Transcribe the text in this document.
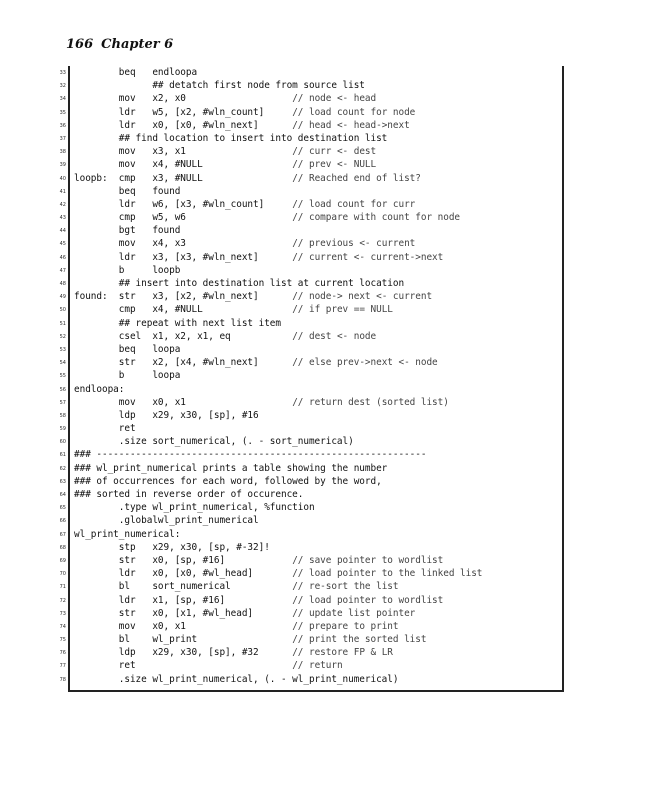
166 Chapter 6
33 beq   endloopa
32 ## detatch first node from source list
34 mov   x2, x0                   // node <- head
35 ldr   w5, [x2, #wln_count]     // load count for node
36 ldr   x0, [x0, #wln_next]      // head <- head->next
37 ## find location to insert into destination list
38 mov   x3, x1                   // curr <- dest
39 mov   x4, #NULL                // prev <- NULL
40 loopb:  cmp   x3, #NULL                // Reached end of list?
41 beq   found
42 ldr   w6, [x3, #wln_count]     // load count for curr
43 cmp   w5, w6                   // compare with count for node
44 bgt   found
45 mov   x4, x3                   // previous <- current
46 ldr   x3, [x3, #wln_next]      // current <- current->next
47 b     loopb
48 ## insert into destination list at current location
49 found:  str   x3, [x2, #wln_next]      // node-> next <- current
50 cmp   x4, #NULL                // if prev == NULL
51 ## repeat with next list item
52 csel  x1, x2, x1, eq           // dest <- node
53 beq   loopa
54 str   x2, [x4, #wln_next]      // else prev->next <- node
55 b     loopa
56 endloopa:
57 mov   x0, x1                   // return dest (sorted list)
58 ldp   x29, x30, [sp], #16
59 ret
60 .size sort_numerical, (. - sort_numerical)
61 ### -----------------------------------------------------------
62 ### wl_print_numerical prints a table showing the number
63 ### of occurrences for each word, followed by the word,
64 ### sorted in reverse order of occurence.
65 .type wl_print_numerical, %function
66 .globalwl_print_numerical
67 wl_print_numerical:
68 stp   x29, x30, [sp, #-32]!
69 str   x0, [sp, #16]            // save pointer to wordlist
70 ldr   x0, [x0, #wl_head]       // load pointer to the linked list
71 bl    sort_numerical           // re-sort the list
72 ldr   x1, [sp, #16]            // load pointer to wordlist
73 str   x0, [x1, #wl_head]       // update list pointer
74 mov   x0, x1                   // prepare to print
75 bl    wl_print                 // print the sorted list
76 ldp   x29, x30, [sp], #32      // restore FP & LR
77 ret                            // return
78 .size wl_print_numerical, (. - wl_print_numerical)
